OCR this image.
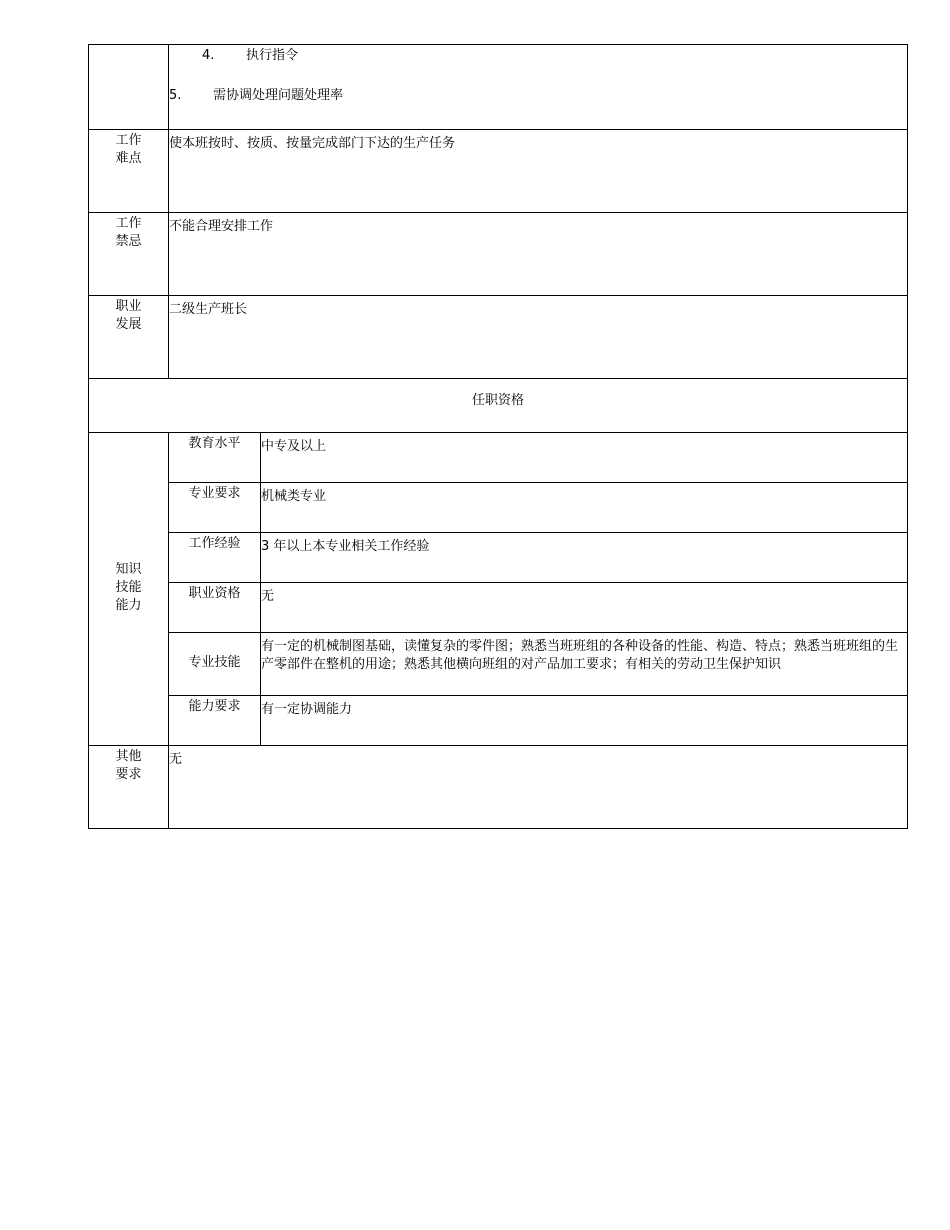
	4. 执行指令
5. 需协调处理问题处理率	

工作
难点	使本班按时、按质、按量完成部门下达的生产任务	

工作
禁忌	不能合理安排工作	

职业
发展	二级生产班长	
任职资格		

知识
技能
能力	教育水平	中专及以上
	专业要求	机械类专业
	工作经验	3 年以上本专业相关工作经验
	职业资格	无
	专业技能	有一定的机械制图基础，读懂复杂的零件图；熟悉当班班组的各种设备的性能、构造、特点；熟悉当班班组的生产零部件在整机的用途；熟悉其他横向班组的对产品加工要求；有相关的劳动卫生保护知识
	能力要求	有一定协调能力

其他
要求	无	
